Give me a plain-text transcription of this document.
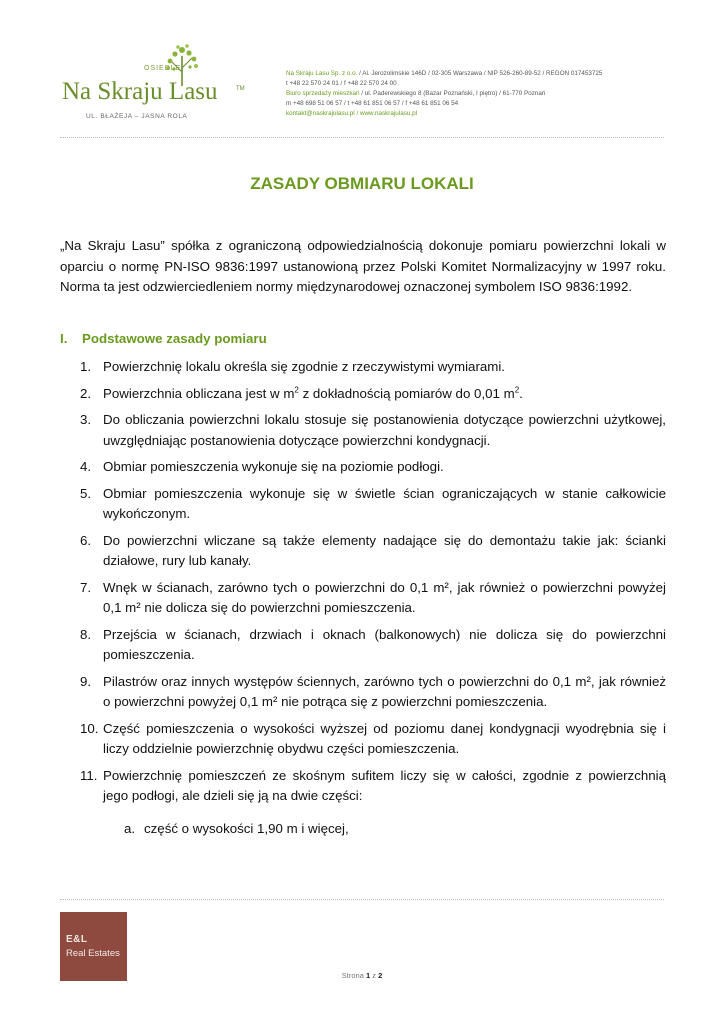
OSIEDLE
Na Skraju Lasu	TM
UL. BŁAŻEJA – JASNA ROLA
Na Skraju Lasu Sp. z o.o. / Al. Jerozolimskie 146D / 02-305 Warszawa / NIP 526-260-89-52 / REGON 017453725
t +48 22 570 24 01 / f +48 22 570 24 00
Biuro sprzedaży mieszkań / ul. Paderewskiego 8 (Bazar Poznański, I piętro) / 61-770 Poznań
m +48 698 51 06 57 / t +48 61 851 06 57 / f +48 61 851 06 54
kontakt@naskrajulasu.pl / www.naskrajulasu.pl
ZASADY OBMIARU LOKALI

„Na Skraju Lasu” spółka z ograniczoną odpowiedzialnością dokonuje pomiaru powierzchni lokali w oparciu o normę PN-ISO 9836:1997 ustanowioną przez Polski Komitet Normalizacyjny w 1997 roku. Norma ta jest odzwierciedleniem normy międzynarodowej oznaczonej symbolem ISO 9836:1992.

I. Podstawowe zasady pomiaru
1. Powierzchnię lokalu określa się zgodnie z rzeczywistymi wymiarami.
2. Powierzchnia obliczana jest w $m^2$ z dokładnością pomiarów do 0,01 $m^2$.
3. Do obliczania powierzchni lokalu stosuje się postanowienia dotyczące powierzchni użytkowej, uwzględniając postanowienia dotyczące powierzchni kondygnacji.
4. Obmiar pomieszczenia wykonuje się na poziomie podłogi.
5. Obmiar pomieszczenia wykonuje się w świetle ścian ograniczających w stanie całkowicie wykończonym.
6. Do powierzchni wliczane są także elementy nadające się do demontażu takie jak: ścianki działowe, rury lub kanały.
7. Wnęk w ścianach, zarówno tych o powierzchni do 0,1 m², jak również o powierzchni powyżej 0,1 m² nie dolicza się do powierzchni pomieszczenia.
8. Przejścia w ścianach, drzwiach i oknach (balkonowych) nie dolicza się do powierzchni pomieszczenia.
9. Pilastrów oraz innych występów ściennych, zarówno tych o powierzchni do 0,1 m², jak również o powierzchni powyżej 0,1 m² nie potrąca się z powierzchni pomieszczenia.
10. Część pomieszczenia o wysokości wyższej od poziomu danej kondygnacji wyodrębnia się i liczy oddzielnie powierzchnię obydwu części pomieszczenia.
11. Powierzchnię pomieszczeń ze skośnym sufitem liczy się w całości, zgodnie z powierzchnią jego podłogi, ale dzieli się ją na dwie części:
a. część o wysokości 1,90 m i więcej,
E&L
Real Estates
Strona 1 z 2
